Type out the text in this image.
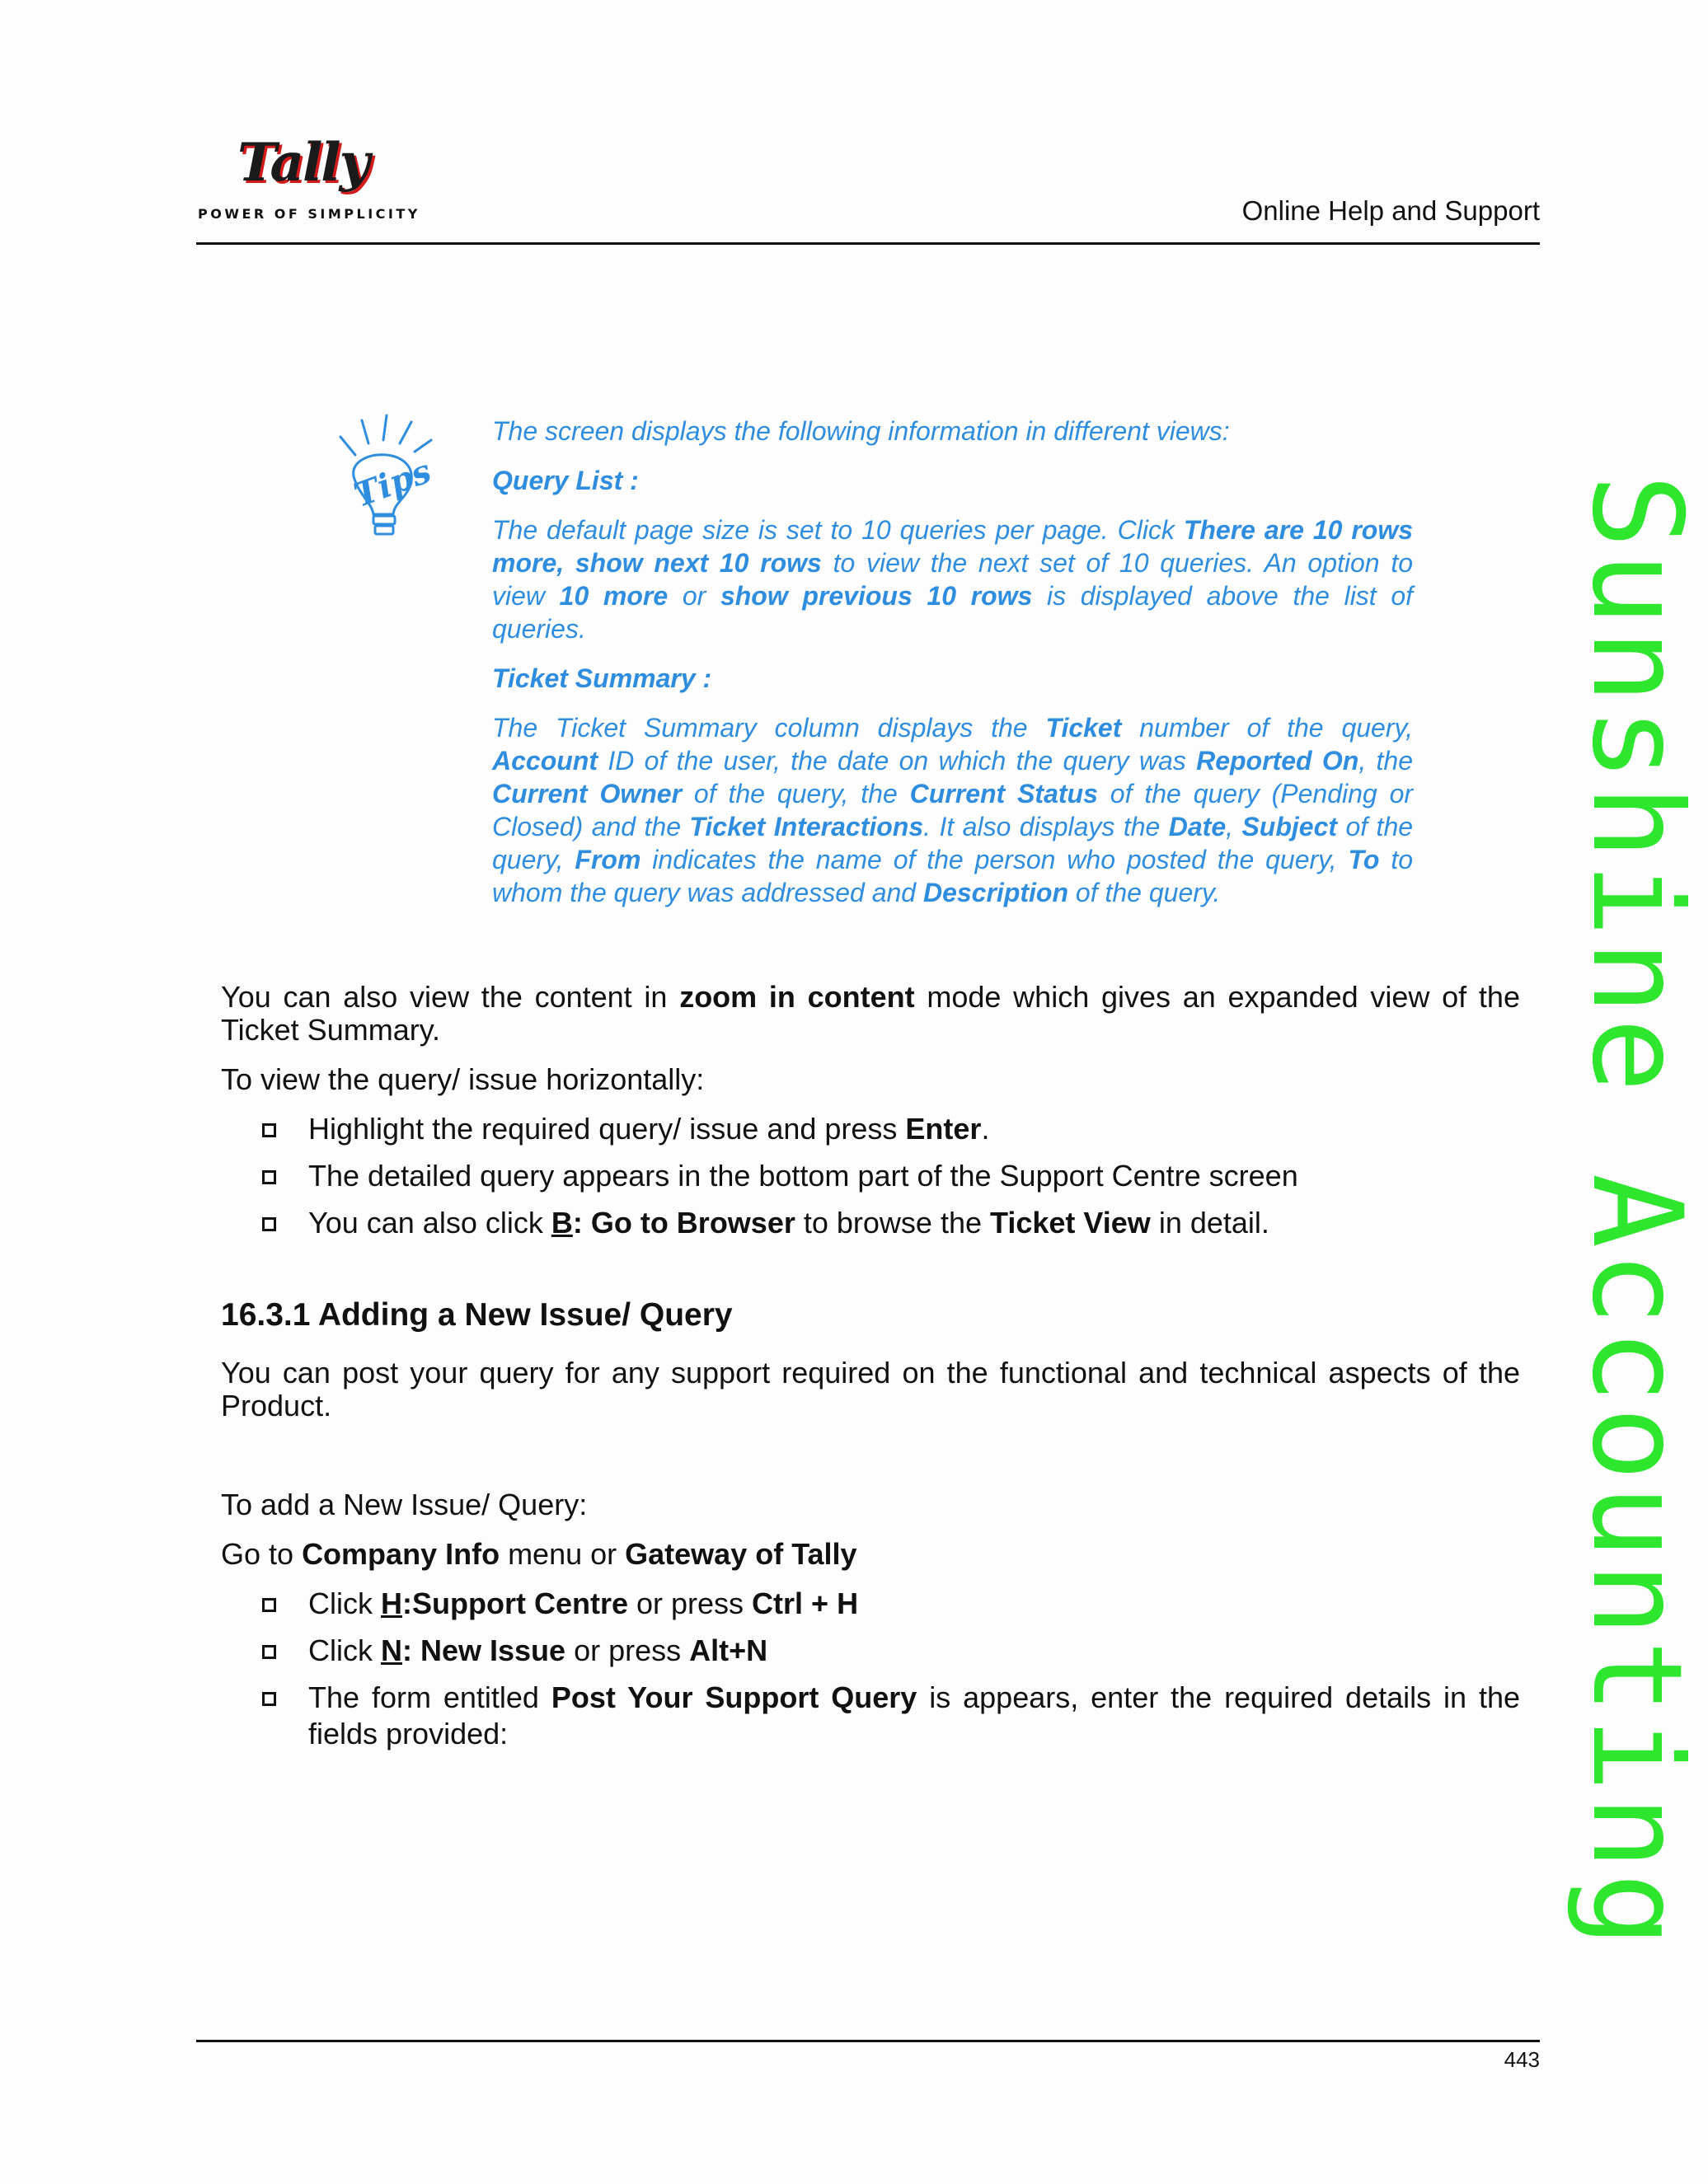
Tally
POWER OF SIMPLICITY	Online Help and Support
Sunshine Accounting
Tips

The screen displays the following information in different views:

Query List :

The default page size is set to 10 queries per page. Click There are 10 rows more, show next 10 rows to view the next set of 10 queries. An option to view 10 more or show previous 10 rows is displayed above the list of queries.

Ticket Summary :

The Ticket Summary column displays the Ticket number of the query, Account ID of the user, the date on which the query was Reported On, the Current Owner of the query, the Current Status of the query (Pending or Closed) and the Ticket Interactions. It also displays the Date, Subject of the query, From indicates the name of the person who posted the query, To to whom the query was addressed and Description of the query.

You can also view the content in zoom in content mode which gives an expanded view of the Ticket Summary.

To view the query/ issue horizontally:

Highlight the required query/ issue and press Enter.
The detailed query appears in the bottom part of the Support Centre screen
You can also click B: Go to Browser to browse the Ticket View in detail.

16.3.1 Adding a New Issue/ Query

You can post your query for any support required on the functional and technical aspects of the Product.

To add a New Issue/ Query:

Go to Company Info menu or Gateway of Tally

Click H:Support Centre or press Ctrl + H
Click N: New Issue or press Alt+N
The form entitled Post Your Support Query is appears, enter the required details in the fields provided:
443
